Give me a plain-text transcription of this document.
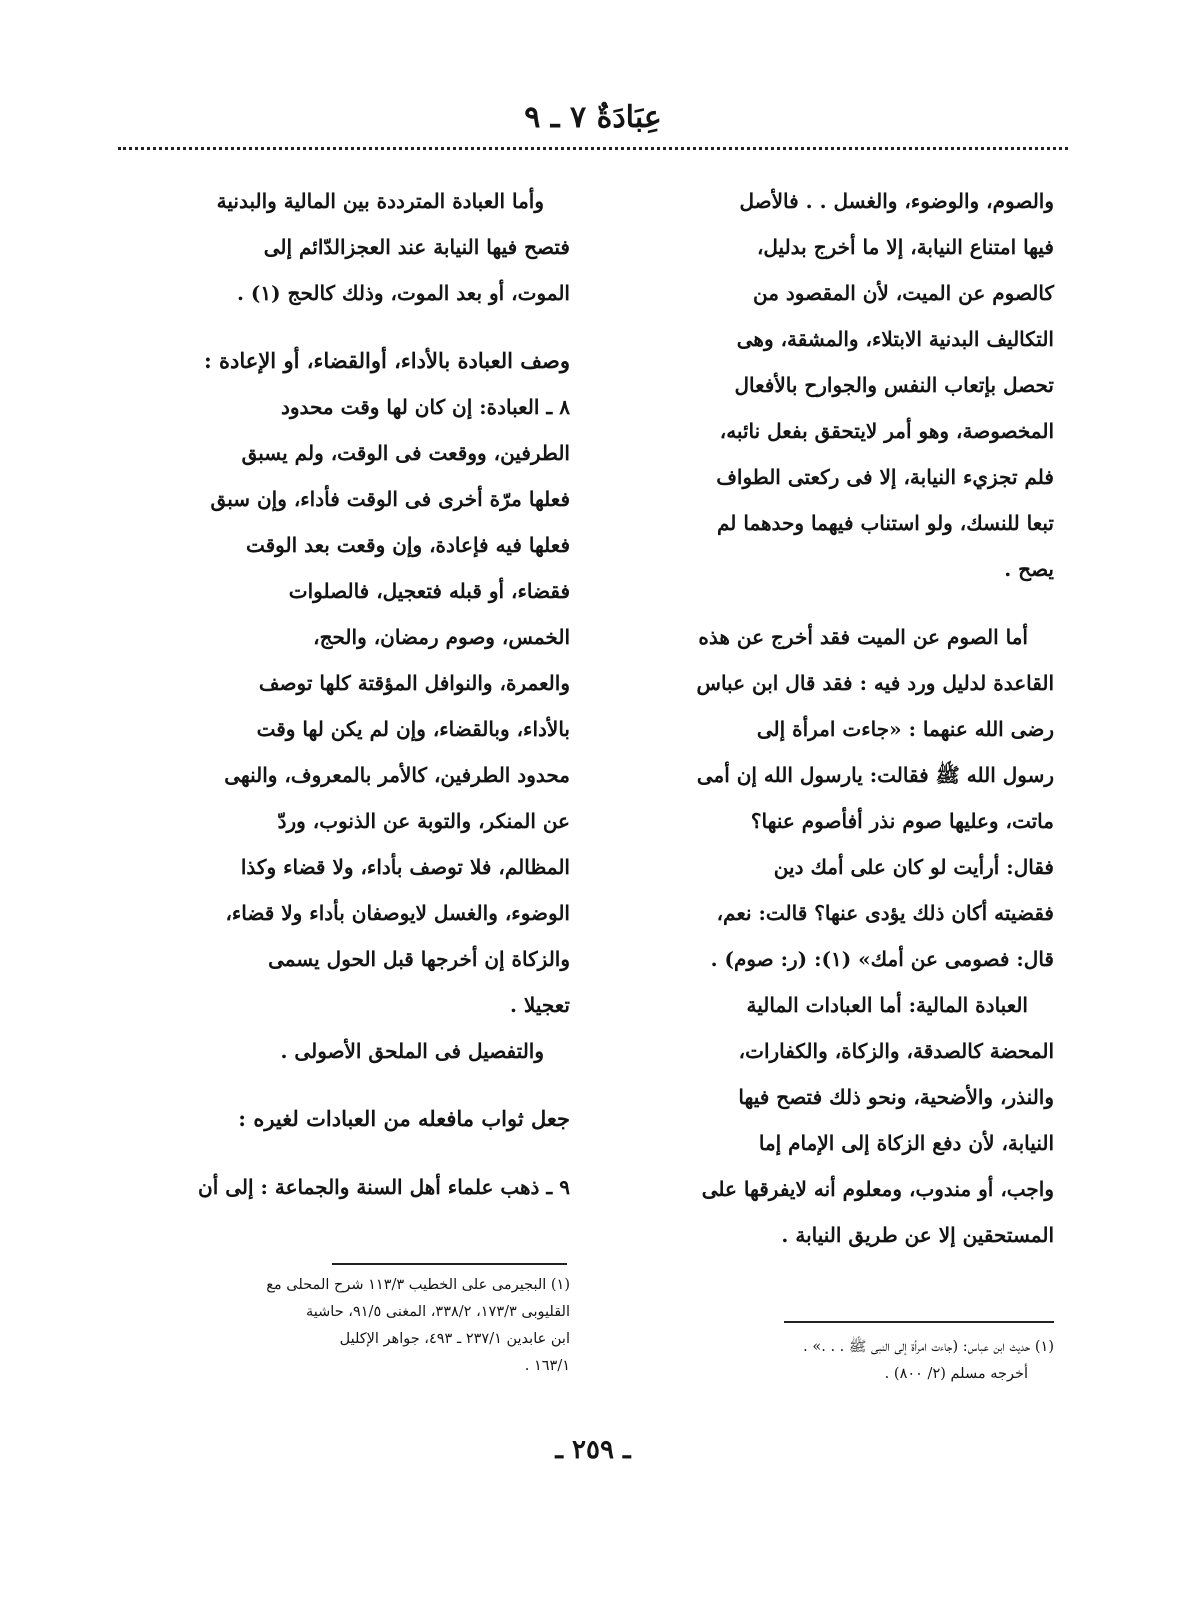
عِبَادَةٌ ٧ ـ ٩

والصوم، والوضوء، والغسل . . فالأصل
فيها امتناع النيابة، إلا ما أخرج بدليل،
كالصوم عن الميت، لأن المقصود من
التكاليف البدنية الابتلاء، والمشقة، وهى
تحصل بإتعاب النفس والجوارح بالأفعال
المخصوصة، وهو أمر لايتحقق بفعل نائبه،
فلم تجزيء النيابة، إلا فى ركعتى الطواف
تبعا للنسك، ولو استناب فيهما وحدهما لم
يصح .

أما الصوم عن الميت فقد أخرج عن هذه
القاعدة لدليل ورد فيه : فقد قال ابن عباس
رضى الله عنهما : «جاءت امرأة إلى
رسول الله ﷺ فقالت: يارسول الله إن أمى
ماتت، وعليها صوم نذر أفأصوم عنها؟
فقال: أرأيت لو كان على أمك دين
فقضيته أكان ذلك يؤدى عنها؟ قالت: نعم،
قال: فصومى عن أمك» (١): (ر: صوم) .

العبادة المالية: أما العبادات المالية
المحضة كالصدقة، والزكاة، والكفارات،
والنذر، والأضحية، ونحو ذلك فتصح فيها
النيابة، لأن دفع الزكاة إلى الإمام إما
واجب، أو مندوب، ومعلوم أنه لايفرقها على
المستحقين إلا عن طريق النيابة .

وأما العبادة المترددة بين المالية والبدنية
فتصح فيها النيابة عند العجزالدّائم إلى
الموت، أو بعد الموت، وذلك كالحج (١) .

وصف العبادة بالأداء، أوالقضاء، أو الإعادة :

٨ ـ العبادة: إن كان لها وقت محدود
الطرفين، ووقعت فى الوقت، ولم يسبق
فعلها مرّة أخرى فى الوقت فأداء، وإن سبق
فعلها فيه فإعادة، وإن وقعت بعد الوقت
فقضاء، أو قبله فتعجيل، فالصلوات
الخمس، وصوم رمضان، والحج،
والعمرة، والنوافل المؤقتة كلها توصف
بالأداء، وبالقضاء، وإن لم يكن لها وقت
محدود الطرفين، كالأمر بالمعروف، والنهى
عن المنكر، والتوبة عن الذنوب، وردّ
المظالم، فلا توصف بأداء، ولا قضاء وكذا
الوضوء، والغسل لايوصفان بأداء ولا قضاء،
والزكاة إن أخرجها قبل الحول يسمى
تعجيلا .

والتفصيل فى الملحق الأصولى .

جعل ثواب مافعله من العبادات لغيره :

٩ ـ ذهب علماء أهل السنة والجماعة : إلى أن

(١) حديث ابن عباس: (جاءت امرأة إلى النبى ﷺ . . .» .

أخرجه مسلم (٢/ ٨٠٠) .

(١) البجيرمى على الخطيب ١١٣/٣ شرح المحلى مع

القليوبى ١٧٣/٣، ٣٣٨/٢، المغنى ٩١/٥، حاشية

ابن عابدين ٢٣٧/١ ـ ٤٩٣، جواهر الإكليل

١٦٣/١ .

ـ ٢٥٩ ـ
